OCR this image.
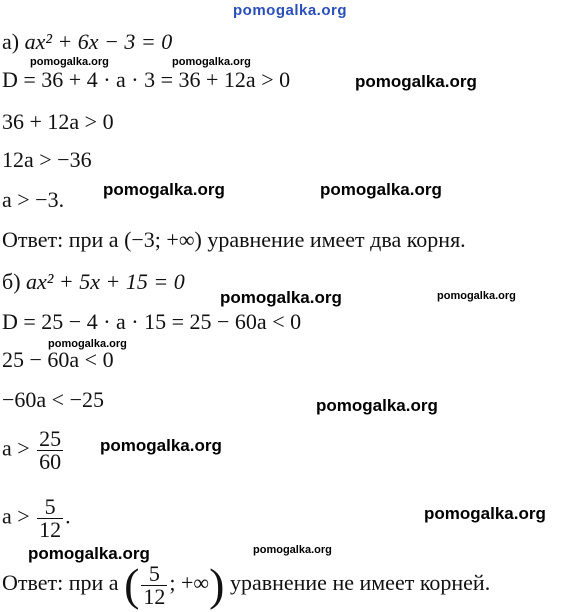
pomogalka.org
а) ax² + 6x − 3 = 0
D = 36 + 4 · a · 3 = 36 + 12a > 0
36 + 12a > 0
12a > −36
a > −3.
Ответ: при a (−3; +∞) уравнение имеет два корня.
б) ax² + 5x + 15 = 0
D = 25 − 4 · a · 15 = 25 − 60a < 0
25 − 60a < 0
−60a < −25
$a > \frac{25}{60}$
$a > \frac{5}{12}$ .
Ответ: при a ( $\frac{5}{12}$ ; +∞) уравнение не имеет корней.
pomogalka.org	pomogalka.org
pomogalka.org
pomogalka.org	pomogalka.org
pomogalka.org	pomogalka.org
pomogalka.org
pomogalka.org
pomogalka.org
pomogalka.org
pomogalka.org	pomogalka.org
